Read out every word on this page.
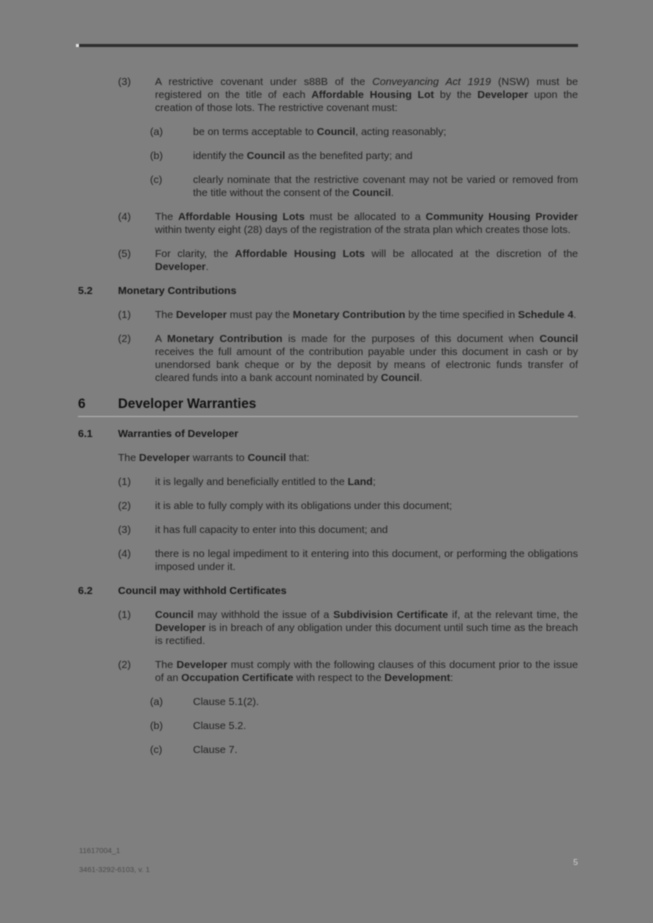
(3)	A restrictive covenant under s88B of the Conveyancing Act 1919 (NSW) must be registered on the title of each Affordable Housing Lot by the Developer upon the creation of those lots. The restrictive covenant must:
(a)	be on terms acceptable to Council, acting reasonably;
(b)	identify the Council as the benefited party; and
(c)	clearly nominate that the restrictive covenant may not be varied or removed from the title without the consent of the Council.
(4)	The Affordable Housing Lots must be allocated to a Community Housing Provider within twenty eight (28) days of the registration of the strata plan which creates those lots.
(5)	For clarity, the Affordable Housing Lots will be allocated at the discretion of the Developer.
5.2	Monetary Contributions
(1)	The Developer must pay the Monetary Contribution by the time specified in Schedule 4.
(2)	A Monetary Contribution is made for the purposes of this document when Council receives the full amount of the contribution payable under this document in cash or by unendorsed bank cheque or by the deposit by means of electronic funds transfer of cleared funds into a bank account nominated by Council.
6	Developer Warranties
6.1	Warranties of Developer
The Developer warrants to Council that:
(1)	it is legally and beneficially entitled to the Land;
(2)	it is able to fully comply with its obligations under this document;
(3)	it has full capacity to enter into this document; and
(4)	there is no legal impediment to it entering into this document, or performing the obligations imposed under it.
6.2	Council may withhold Certificates
(1)	Council may withhold the issue of a Subdivision Certificate if, at the relevant time, the Developer is in breach of any obligation under this document until such time as the breach is rectified.
(2)	The Developer must comply with the following clauses of this document prior to the issue of an Occupation Certificate with respect to the Development:
(a)	Clause 5.1(2).
(b)	Clause 5.2.
(c)	Clause 7.
11617004_1
3461-3292-6103, v. 1
5
